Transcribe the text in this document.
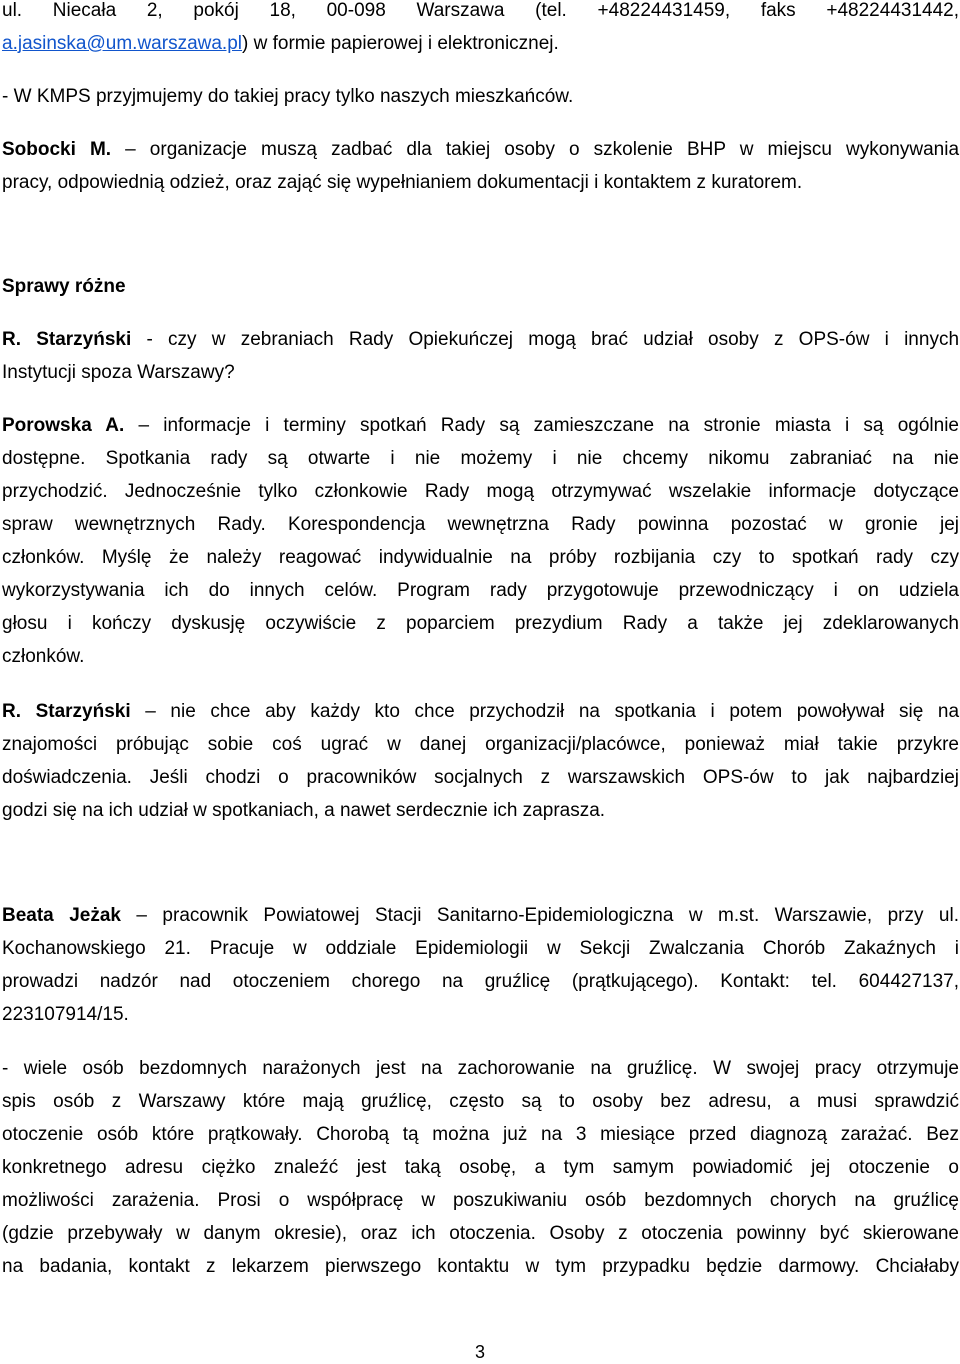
ul. Niecała 2, pokój 18, 00-098 Warszawa (tel. +48224431459, faks +48224431442,

a.jasinska@um.warszawa.pl) w formie papierowej i elektronicznej.

- W KMPS przyjmujemy do takiej pracy tylko naszych mieszkańców.

Sobocki M. – organizacje muszą zadbać dla takiej osoby o szkolenie BHP w miejscu wykonywania

pracy, odpowiednią odzież, oraz zająć się wypełnianiem dokumentacji i kontaktem z kuratorem.

Sprawy różne

R. Starzyński - czy w zebraniach Rady Opiekuńczej mogą brać udział osoby z OPS-ów i innych

Instytucji spoza Warszawy?

Porowska A. – informacje i terminy spotkań Rady są zamieszczane na stronie miasta i są ogólnie

dostępne. Spotkania rady są otwarte i nie możemy i nie chcemy nikomu zabraniać na nie

przychodzić. Jednocześnie tylko członkowie Rady mogą otrzymywać wszelakie informacje dotyczące

spraw wewnętrznych Rady. Korespondencja wewnętrzna Rady powinna pozostać w gronie jej

członków. Myślę że należy reagować indywidualnie na próby rozbijania czy to spotkań rady czy

wykorzystywania ich do innych celów. Program rady przygotowuje przewodniczący i on udziela

głosu i kończy dyskusję oczywiście z poparciem prezydium Rady a także jej zdeklarowanych

członków.

R. Starzyński – nie chce aby każdy kto chce przychodził na spotkania i potem powoływał się na

znajomości próbując sobie coś ugrać w danej organizacji/placówce, ponieważ miał takie przykre

doświadczenia. Jeśli chodzi o pracowników socjalnych z warszawskich OPS-ów to jak najbardziej

godzi się na ich udział w spotkaniach, a nawet serdecznie ich zaprasza.

Beata Jeżak – pracownik Powiatowej Stacji Sanitarno-Epidemiologiczna w m.st. Warszawie, przy ul.

Kochanowskiego 21. Pracuje w oddziale Epidemiologii w Sekcji Zwalczania Chorób Zakaźnych i

prowadzi nadzór nad otoczeniem chorego na gruźlicę (prątkującego). Kontakt: tel. 604427137,

223107914/15.

- wiele osób bezdomnych narażonych jest na zachorowanie na gruźlicę. W swojej pracy otrzymuje

spis osób z Warszawy które mają gruźlicę, często są to osoby bez adresu, a musi sprawdzić

otoczenie osób które prątkowały. Chorobą tą można już na 3 miesiące przed diagnozą zarażać. Bez

konkretnego adresu ciężko znaleźć jest taką osobę, a tym samym powiadomić jej otoczenie o

możliwości zarażenia. Prosi o współpracę w poszukiwaniu osób bezdomnych chorych na gruźlicę

(gdzie przebywały w danym okresie), oraz ich otoczenia. Osoby z otoczenia powinny być skierowane

na badania, kontakt z lekarzem pierwszego kontaktu w tym przypadku będzie darmowy. Chciałaby

3
